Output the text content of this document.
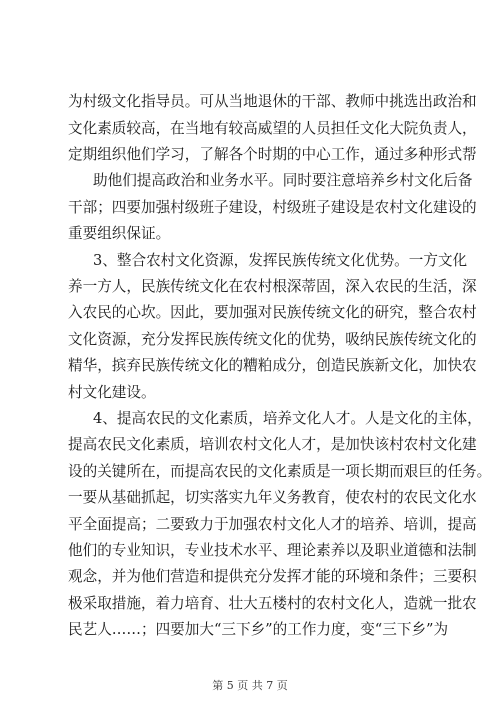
为村级文化指导员。可从当地退休的干部、教师中挑选出政治和
文化素质较高，在当地有较高威望的人员担任文化大院负责人，
定期组织他们学习，了解各个时期的中心工作，通过多种形式帮
助他们提高政治和业务水平。同时要注意培养乡村文化后备
干部；四要加强村级班子建设，村级班子建设是农村文化建设的
重要组织保证。
3、整合农村文化资源，发挥民族传统文化优势。一方文化
养一方人，民族传统文化在农村根深蒂固，深入农民的生活，深
入农民的心坎。因此，要加强对民族传统文化的研究，整合农村
文化资源，充分发挥民族传统文化的优势，吸纳民族传统文化的
精华，摈弃民族传统文化的糟粕成分，创造民族新文化，加快农
村文化建设。
4、提高农民的文化素质，培养文化人才。人是文化的主体，
提高农民文化素质，培训农村文化人才，是加快该村农村文化建
设的关键所在，而提高农民的文化素质是一项长期而艰巨的任务。
一要从基础抓起，切实落实九年义务教育，使农村的农民文化水
平全面提高；二要致力于加强农村文化人才的培养、培训，提高
他们的专业知识，专业技术水平、理论素养以及职业道德和法制
观念，并为他们营造和提供充分发挥才能的环境和条件；三要积
极采取措施，着力培育、壮大五楼村的农村文化人，造就一批农
民艺人……；四要加大“三下乡”的工作力度，变“三下乡”为
第 5 页 共 7 页
